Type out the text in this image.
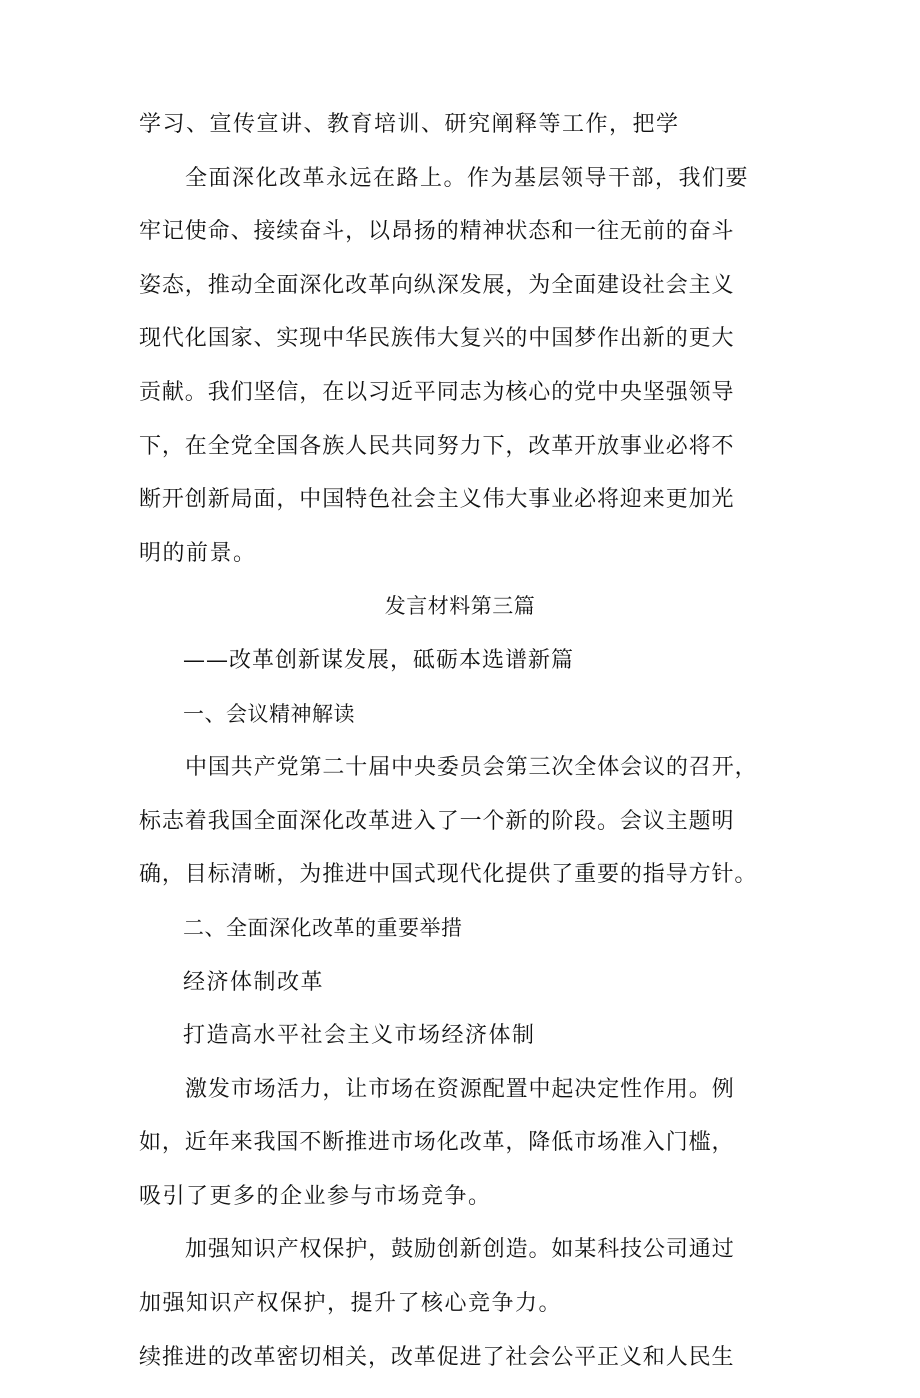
学习、宣传宣讲、教育培训、研究阐释等工作，把学
全面深化改革永远在路上。作为基层领导干部，我们要
牢记使命、接续奋斗，以昂扬的精神状态和一往无前的奋斗
姿态，推动全面深化改革向纵深发展，为全面建设社会主义
现代化国家、实现中华民族伟大复兴的中国梦作出新的更大
贡献。我们坚信，在以习近平同志为核心的党中央坚强领导
下，在全党全国各族人民共同努力下，改革开放事业必将不
断开创新局面，中国特色社会主义伟大事业必将迎来更加光
明的前景。
发言材料第三篇
——改革创新谋发展，砥砺本选谱新篇
一、会议精神解读
中国共产党第二十届中央委员会第三次全体会议的召开，
标志着我国全面深化改革进入了一个新的阶段。会议主题明
确，目标清晰，为推进中国式现代化提供了重要的指导方针。
二、全面深化改革的重要举措
经济体制改革
打造高水平社会主义市场经济体制
激发市场活力，让市场在资源配置中起决定性作用。例
如，近年来我国不断推进市场化改革，降低市场准入门槛，
吸引了更多的企业参与市场竞争。
加强知识产权保护，鼓励创新创造。如某科技公司通过
加强知识产权保护，提升了核心竞争力。
续推进的改革密切相关，改革促进了社会公平正义和人民生
